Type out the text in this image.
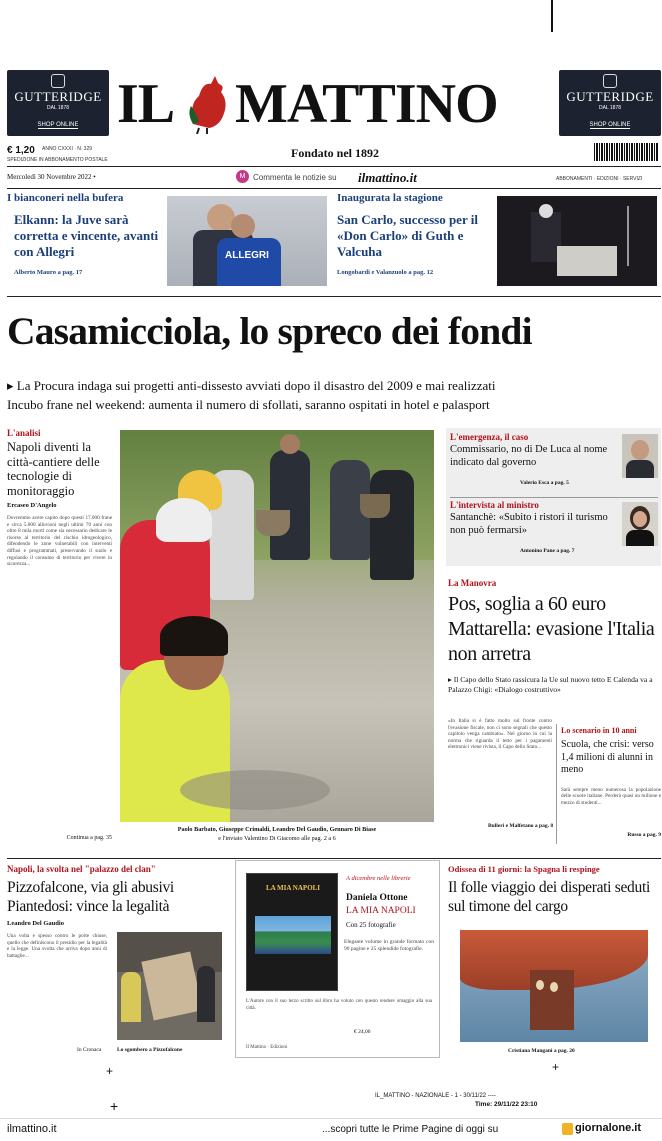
GUTTERIDGE
DAL 1878
SHOP ONLINE IL MATTINO	GUTTERIDGE
DAL 1878
SHOP ONLINE
€ 1,20 ANNO CXXXI · N. 329
SPEDIZIONE IN ABBONAMENTO POSTALE	Fondato nel 1892
Mercoledì 30 Novembre 2022 •	M Commenta le notizie su ilmattino.it	ABBONAMENTI · EDIZIONI · SERVIZI
I bianconeri nella bufera
Elkann: la Juve sarà corretta e vincente, avanti con Allegri
Alberto Mauro a pag. 17
ALLEGRI
Inaugurata la stagione
San Carlo, successo per il «Don Carlo» di Guth e Valcuha
Longobardi e Valanzuolo a pag. 12
Casamicciola, lo spreco dei fondi
▸ La Procura indaga sui progetti anti-dissesto avviati dopo il disastro del 2009 e mai realizzati
Incubo frane nel weekend: aumenta il numero di sfollati, saranno ospitati in hotel e palasport
L'analisi
Napoli diventi la città-cantiere delle tecnologie di monitoraggio
Ercaseo D'Angelo
Dovremmo avere capito dopo questi 17.000 frane e circa 5.000 alluvioni negli ultimi 70 anni con oltre 8 mila morti come sia necessario dedicare le risorse al territorio del rischio idrogeologico, difendendo le zone vulnerabili con interventi diffusi e programmati, preservando il suolo e regolando il consumo di territorio per vivere in sicurezza...
Continua a pag. 35
Paolo Barbato, Giuseppe Crimaldi, Leandro Del Gaudio, Gennaro Di Biase
e l'inviato Valentino Di Giacomo alle pag. 2 a 6
L'emergenza, il caso
Commissario, no di De Luca al nome indicato dal governo
Valerio Esca a pag. 5
L'intervista al ministro
Santanchè: «Subito i ristori il turismo non può fermarsi»
Antonino Pane a pag. 7
La Manovra
Pos, soglia a 60 euro Mattarella: evasione l'Italia non arretra
▸ Il Capo dello Stato rassicura la Ue sul nuovo tetto E Calenda va a Palazzo Chigi: «Dialogo costruttivo»
«In Italia si è fatto molto sul fronte contro l'evasione fiscale, non ci sono segnali che questo capitolo venga cambiato». Nel giorno in cui la norma che riguarda il tetto per i pagamenti elettronici viene rivista, il Capo dello Stato...
Bulleri e Malfetano a pag. 8
Lo scenario in 10 anni
Scuola, che crisi: verso 1,4 milioni di alunni in meno
Sarà sempre meno numerosa la popolazione delle scuole italiane. Perderà quasi un milione e mezzo di studenti...
Russo a pag. 9
Napoli, la svolta nel "palazzo del clan"
Pizzofalcone, via gli abusivi Piantedosi: vince la legalità
Leandro Del Gaudio
Una volta e spesso contro le porte chiuse, quello che definiscono il presidio per la legalità e la legge. Una svolta che arriva dopo anni di battaglie...
In Cronaca	Lo sgombero a Pizzofalcone
+
LA MIA NAPOLI
A dicembre nelle librerie
Daniela Ottone
LA MIA NAPOLI
Con 25 fotografie
Elegante volume in grande formato con 90 pagine e 25 splendide fotografie.
L'Autore con il suo terzo scritto sul libro ha voluto con questo rendere omaggio alla sua città.
€ 24,00
Il Mattino · Edizioni
Odissea di 11 giorni: la Spagna li respinge
Il folle viaggio dei disperati seduti sul timone del cargo
Cristiana Mangani a pag. 20
+
IL_MATTINO - NAZIONALE - 1 - 30/11/22 ----
Time: 29/11/22 23:10
+
ilmattino.it	...scopri tutte le Prime Pagine di oggi su	giornalone.it
